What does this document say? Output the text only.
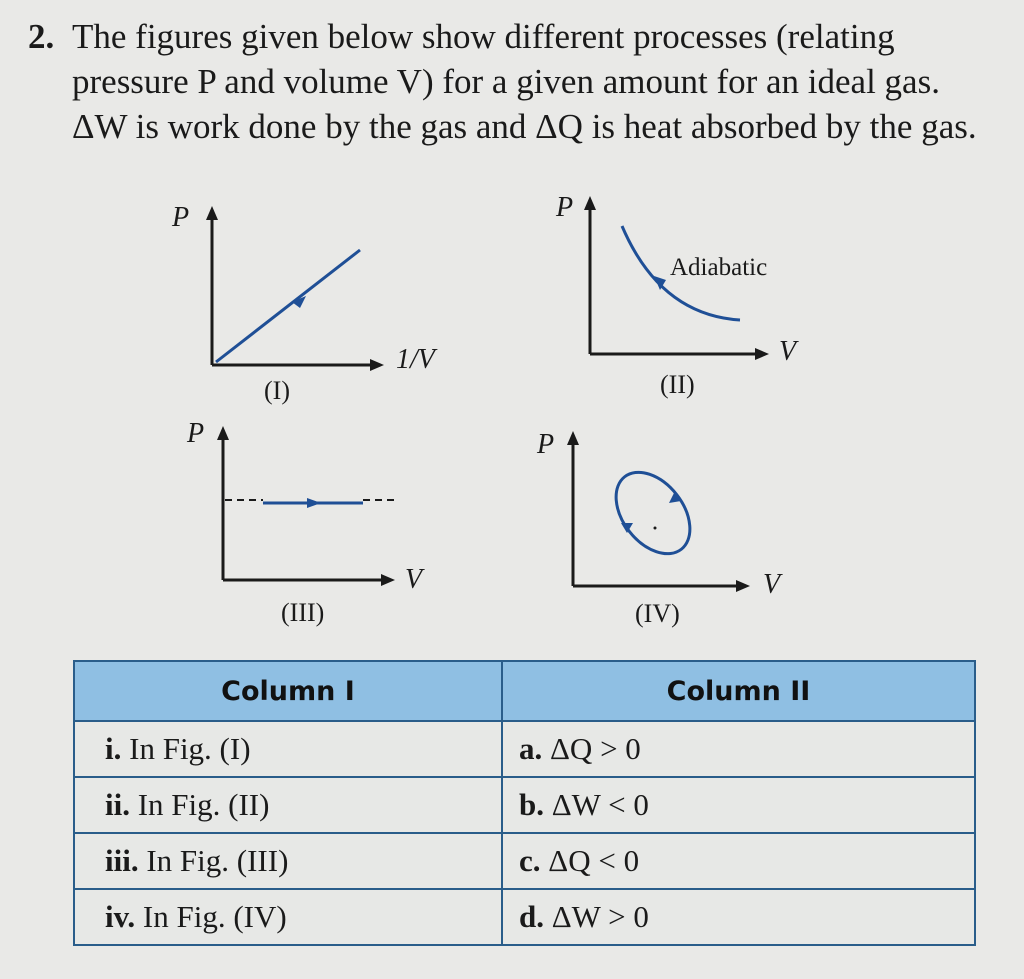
2. The figures given below show different processes (relating pressure P and volume V) for a given amount for an ideal gas. ΔW is work done by the gas and ΔQ is heat absorbed by the gas.
P
1/V
(I)
P
V
Adiabatic
(II)
P
V
(III)
P
V
(IV)
Column I	Column II
i. In Fig. (I)	a. ΔQ > 0
ii. In Fig. (II)	b. ΔW < 0
iii. In Fig. (III)	c. ΔQ < 0
iv. In Fig. (IV)	d. ΔW > 0
